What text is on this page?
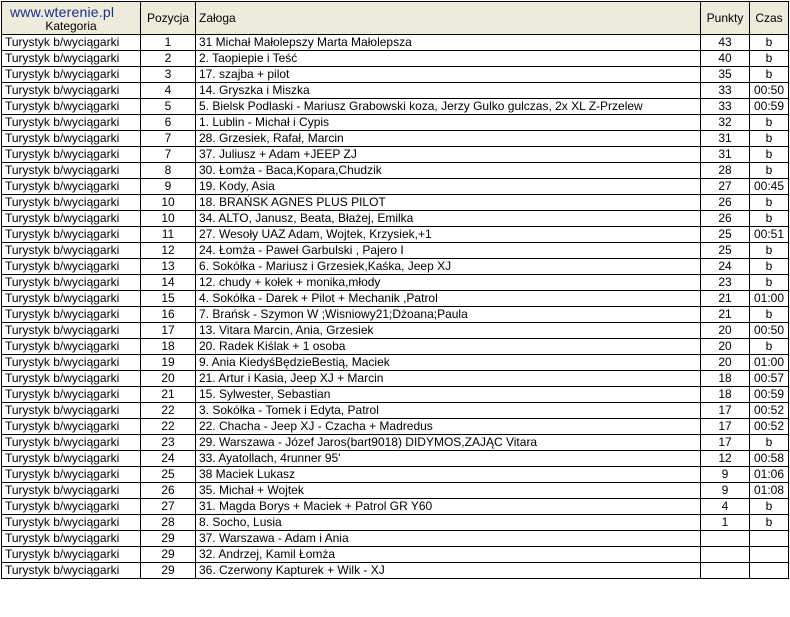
www.wterenie.pl
Kategoria	Pozycja	Załoga	Punkty	Czas
Turystyk b/wyciągarki	1	31 Michał Małolepszy Marta Małolepsza	43	b
Turystyk b/wyciągarki	2	2. Taopiepie i Teść	40	b
Turystyk b/wyciągarki	3	17. szajba + pilot	35	b
Turystyk b/wyciągarki	4	14. Gryszka i Miszka	33	00:50
Turystyk b/wyciągarki	5	5. Bielsk Podlaski - Mariusz Grabowski koza, Jerzy Gulko gulczas, 2x XL Z-Przelew	33	00:59
Turystyk b/wyciągarki	6	1. Lublin - Michał i Cypis	32	b
Turystyk b/wyciągarki	7	28. Grzesiek, Rafał, Marcin	31	b
Turystyk b/wyciągarki	7	37. Juliusz + Adam +JEEP ZJ	31	b
Turystyk b/wyciągarki	8	30. Łomża - Baca,Kopara,Chudzik	28	b
Turystyk b/wyciągarki	9	19. Kody, Asia	27	00:45
Turystyk b/wyciągarki	10	18. BRAŃSK AGNES PLUS PILOT	26	b
Turystyk b/wyciągarki	10	34. ALTO, Janusz, Beata, Błażej, Emilka	26	b
Turystyk b/wyciągarki	11	27. Wesoły UAZ Adam, Wojtek, Krzysiek,+1	25	00:51
Turystyk b/wyciągarki	12	24. Łomża - Paweł Garbulski , Pajero I	25	b
Turystyk b/wyciągarki	13	6. Sokółka - Mariusz i Grzesiek,Kaśka, Jeep XJ	24	b
Turystyk b/wyciągarki	14	12. chudy + kołek + monika,młody	23	b
Turystyk b/wyciągarki	15	4. Sokółka - Darek + Pilot + Mechanik ,Patrol	21	01:00
Turystyk b/wyciągarki	16	7. Brańsk - Szymon W ;Wisniowy21;Dżoana;Paula	21	b
Turystyk b/wyciągarki	17	13. Vitara Marcin, Ania, Grzesiek	20	00:50
Turystyk b/wyciągarki	18	20. Radek Kiślak + 1 osoba	20	b
Turystyk b/wyciągarki	19	9. Ania KiedyśBędzieBestią, Maciek	20	01:00
Turystyk b/wyciągarki	20	21. Artur i Kasia, Jeep XJ + Marcin	18	00:57
Turystyk b/wyciągarki	21	15. Sylwester, Sebastian	18	00:59
Turystyk b/wyciągarki	22	3. Sokółka - Tomek i Edyta, Patrol	17	00:52
Turystyk b/wyciągarki	22	22. Chacha - Jeep XJ - Czacha + Madredus	17	00:52
Turystyk b/wyciągarki	23	29. Warszawa - Józef Jaros(bart9018) DIDYMOS,ZAJĄC Vitara	17	b
Turystyk b/wyciągarki	24	33. Ayatollach, 4runner 95'	12	00:58
Turystyk b/wyciągarki	25	38 Maciek Lukasz	9	01:06
Turystyk b/wyciągarki	26	35. Michał + Wojtek	9	01:08
Turystyk b/wyciągarki	27	31. Magda Borys + Maciek + Patrol GR Y60	4	b
Turystyk b/wyciągarki	28	8. Socho, Lusia	1	b
Turystyk b/wyciągarki	29	37. Warszawa - Adam i Ania		
Turystyk b/wyciągarki	29	32. Andrzej, Kamil Łomża		
Turystyk b/wyciągarki	29	36. Czerwony Kapturek + Wilk - XJ		
